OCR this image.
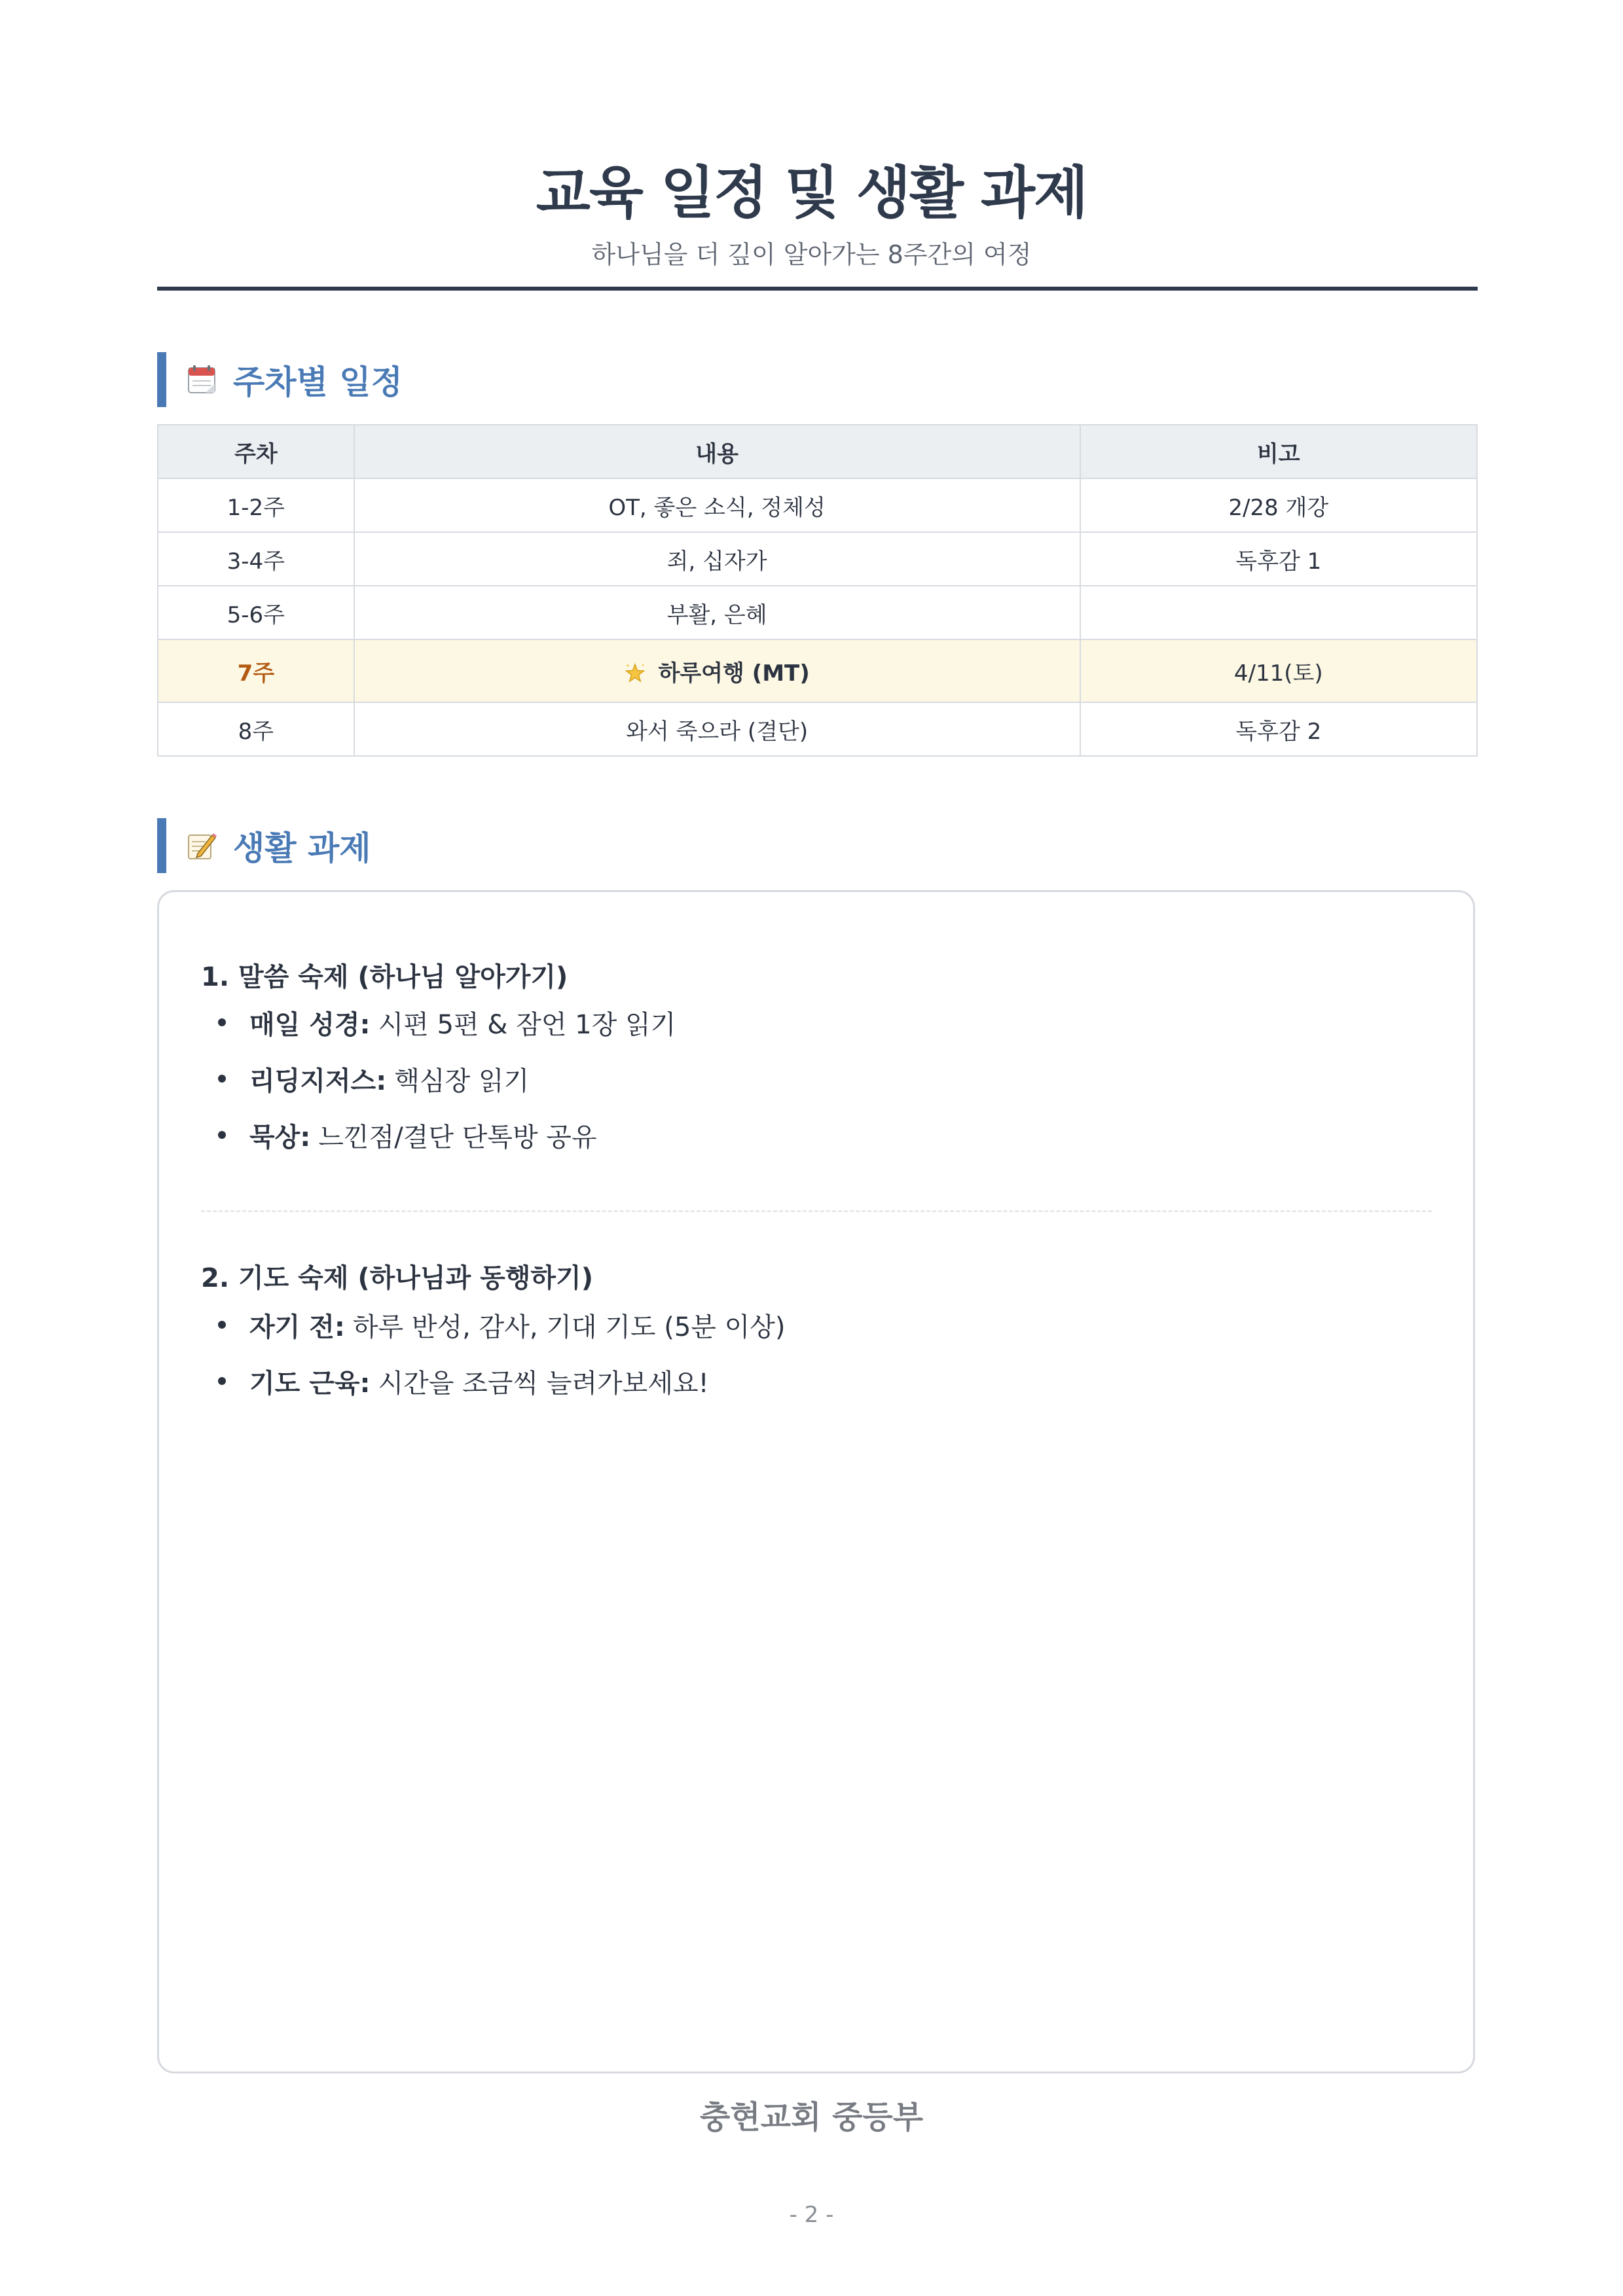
교육 일정 및 생활 과제
하나님을 더 깊이 알아가는 8주간의 여정
주차별 일정
주차	내용	비고
1-2주	OT, 좋은 소식, 정체성	2/28 개강
3-4주	죄, 십자가	독후감 1
5-6주	부활, 은혜	
7주	하루여행 (MT)	4/11(토)
8주	와서 죽으라 (결단)	독후감 2
생활 과제
1. 말씀 숙제 (하나님 알아가기)
매일 성경: 시편 5편 & 잠언 1장 읽기
리딩지저스: 핵심장 읽기
묵상: 느낀점/결단 단톡방 공유
2. 기도 숙제 (하나님과 동행하기)
자기 전: 하루 반성, 감사, 기대 기도 (5분 이상)
기도 근육: 시간을 조금씩 늘려가보세요!
충현교회 중등부
- 2 -
